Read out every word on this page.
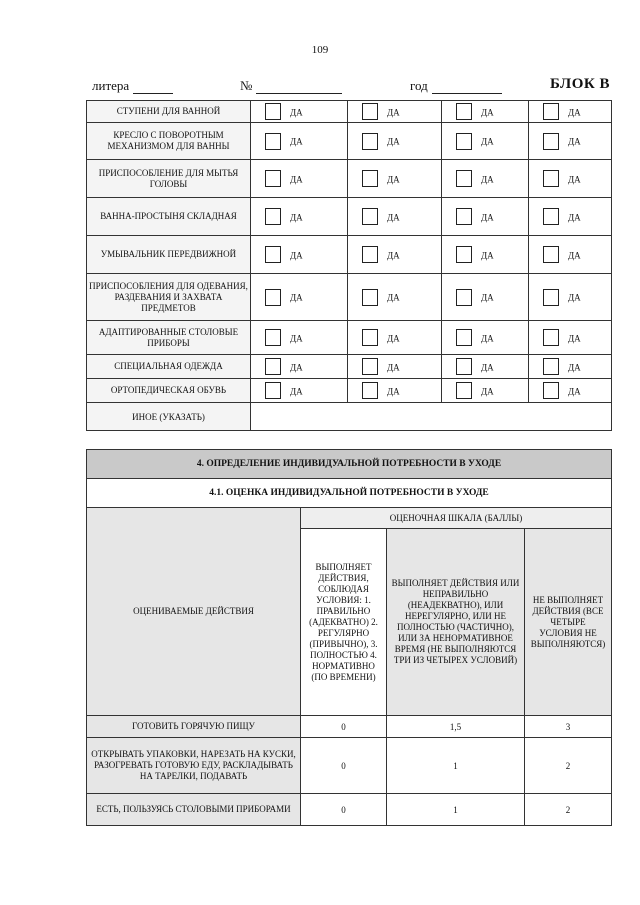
109
литера	№	год	БЛОК В
СТУПЕНИ ДЛЯ ВАННОЙ	ДА	ДА	ДА	ДА
КРЕСЛО С ПОВОРОТНЫМ МЕХАНИЗМОМ ДЛЯ ВАННЫ	ДА	ДА	ДА	ДА
ПРИСПОСОБЛЕНИЕ ДЛЯ МЫТЬЯ ГОЛОВЫ	ДА	ДА	ДА	ДА
ВАННА-ПРОСТЫНЯ СКЛАДНАЯ	ДА	ДА	ДА	ДА
УМЫВАЛЬНИК ПЕРЕДВИЖНОЙ	ДА	ДА	ДА	ДА
ПРИСПОСОБЛЕНИЯ ДЛЯ ОДЕВАНИЯ, РАЗДЕВАНИЯ И ЗАХВАТА ПРЕДМЕТОВ	ДА	ДА	ДА	ДА
АДАПТИРОВАННЫЕ СТОЛОВЫЕ ПРИБОРЫ	ДА	ДА	ДА	ДА
СПЕЦИАЛЬНАЯ ОДЕЖДА	ДА	ДА	ДА	ДА
ОРТОПЕДИЧЕСКАЯ ОБУВЬ	ДА	ДА	ДА	ДА
ИНОЕ (УКАЗАТЬ)				
4. ОПРЕДЕЛЕНИЕ ИНДИВИДУАЛЬНОЙ ПОТРЕБНОСТИ В УХОДЕ			
4.1. ОЦЕНКА ИНДИВИДУАЛЬНОЙ ПОТРЕБНОСТИ В УХОДЕ			
ОЦЕНИВАЕМЫЕ ДЕЙСТВИЯ	ОЦЕНОЧНАЯ ШКАЛА (БАЛЛЫ)		
	ВЫПОЛНЯЕТ ДЕЙСТВИЯ, СОБЛЮДАЯ УСЛОВИЯ: 1. ПРАВИЛЬНО (АДЕКВАТНО) 2. РЕГУЛЯРНО (ПРИВЫЧНО), 3. ПОЛНОСТЬЮ 4. НОРМАТИВНО (ПО ВРЕМЕНИ)	ВЫПОЛНЯЕТ ДЕЙСТВИЯ ИЛИ НЕПРАВИЛЬНО (НЕАДЕКВАТНО), ИЛИ НЕРЕГУЛЯРНО, ИЛИ НЕ ПОЛНОСТЬЮ (ЧАСТИЧНО), ИЛИ ЗА НЕНОРМАТИВНОЕ ВРЕМЯ (НЕ ВЫПОЛНЯЮТСЯ ТРИ ИЗ ЧЕТЫРЕХ УСЛОВИЙ)	НЕ ВЫПОЛНЯЕТ ДЕЙСТВИЯ (ВСЕ ЧЕТЫРЕ УСЛОВИЯ НЕ ВЫПОЛНЯЮТСЯ)
ГОТОВИТЬ ГОРЯЧУЮ ПИЩУ	0	1,5	3
ОТКРЫВАТЬ УПАКОВКИ, НАРЕЗАТЬ НА КУСКИ, РАЗОГРЕВАТЬ ГОТОВУЮ ЕДУ, РАСКЛАДЫВАТЬ НА ТАРЕЛКИ, ПОДАВАТЬ	0	1	2
ЕСТЬ, ПОЛЬЗУЯСЬ СТОЛОВЫМИ ПРИБОРАМИ	0	1	2
